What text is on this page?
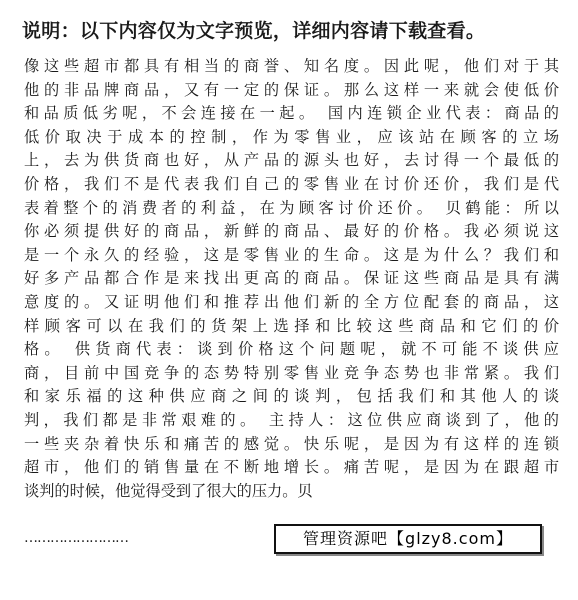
说明：以下内容仅为文字预览，详细内容请下载查看。
像这些超市都具有相当的商誉、知名度。因此呢，他们对于其
他的非品牌商品，又有一定的保证。那么这样一来就会使低价
和品质低劣呢，不会连接在一起。 国内连锁企业代表：商品的
低价取决于成本的控制，作为零售业，应该站在顾客的立场
上，去为供货商也好，从产品的源头也好，去讨得一个最低的
价格，我们不是代表我们自己的零售业在讨价还价，我们是代
表着整个的消费者的利益，在为顾客讨价还价。 贝鹤能：所以
你必须提供好的商品，新鲜的商品、最好的价格。我必须说这
是一个永久的经验，这是零售业的生命。这是为什么？我们和
好多产品都合作是来找出更高的商品。保证这些商品是具有满
意度的。又证明他们和推荐出他们新的全方位配套的商品，这
样顾客可以在我们的货架上选择和比较这些商品和它们的价
格。 供货商代表：谈到价格这个问题呢，就不可能不谈供应
商，目前中国竞争的态势特别零售业竞争态势也非常紧。我们
和家乐福的这种供应商之间的谈判，包括我们和其他人的谈
判，我们都是非常艰难的。 主持人：这位供应商谈到了，他的
一些夹杂着快乐和痛苦的感觉。快乐呢，是因为有这样的连锁
超市，他们的销售量在不断地增长。痛苦呢，是因为在跟超市
谈判的时候，他觉得受到了很大的压力。贝
……………………	管理资源吧【glzy8.com】
